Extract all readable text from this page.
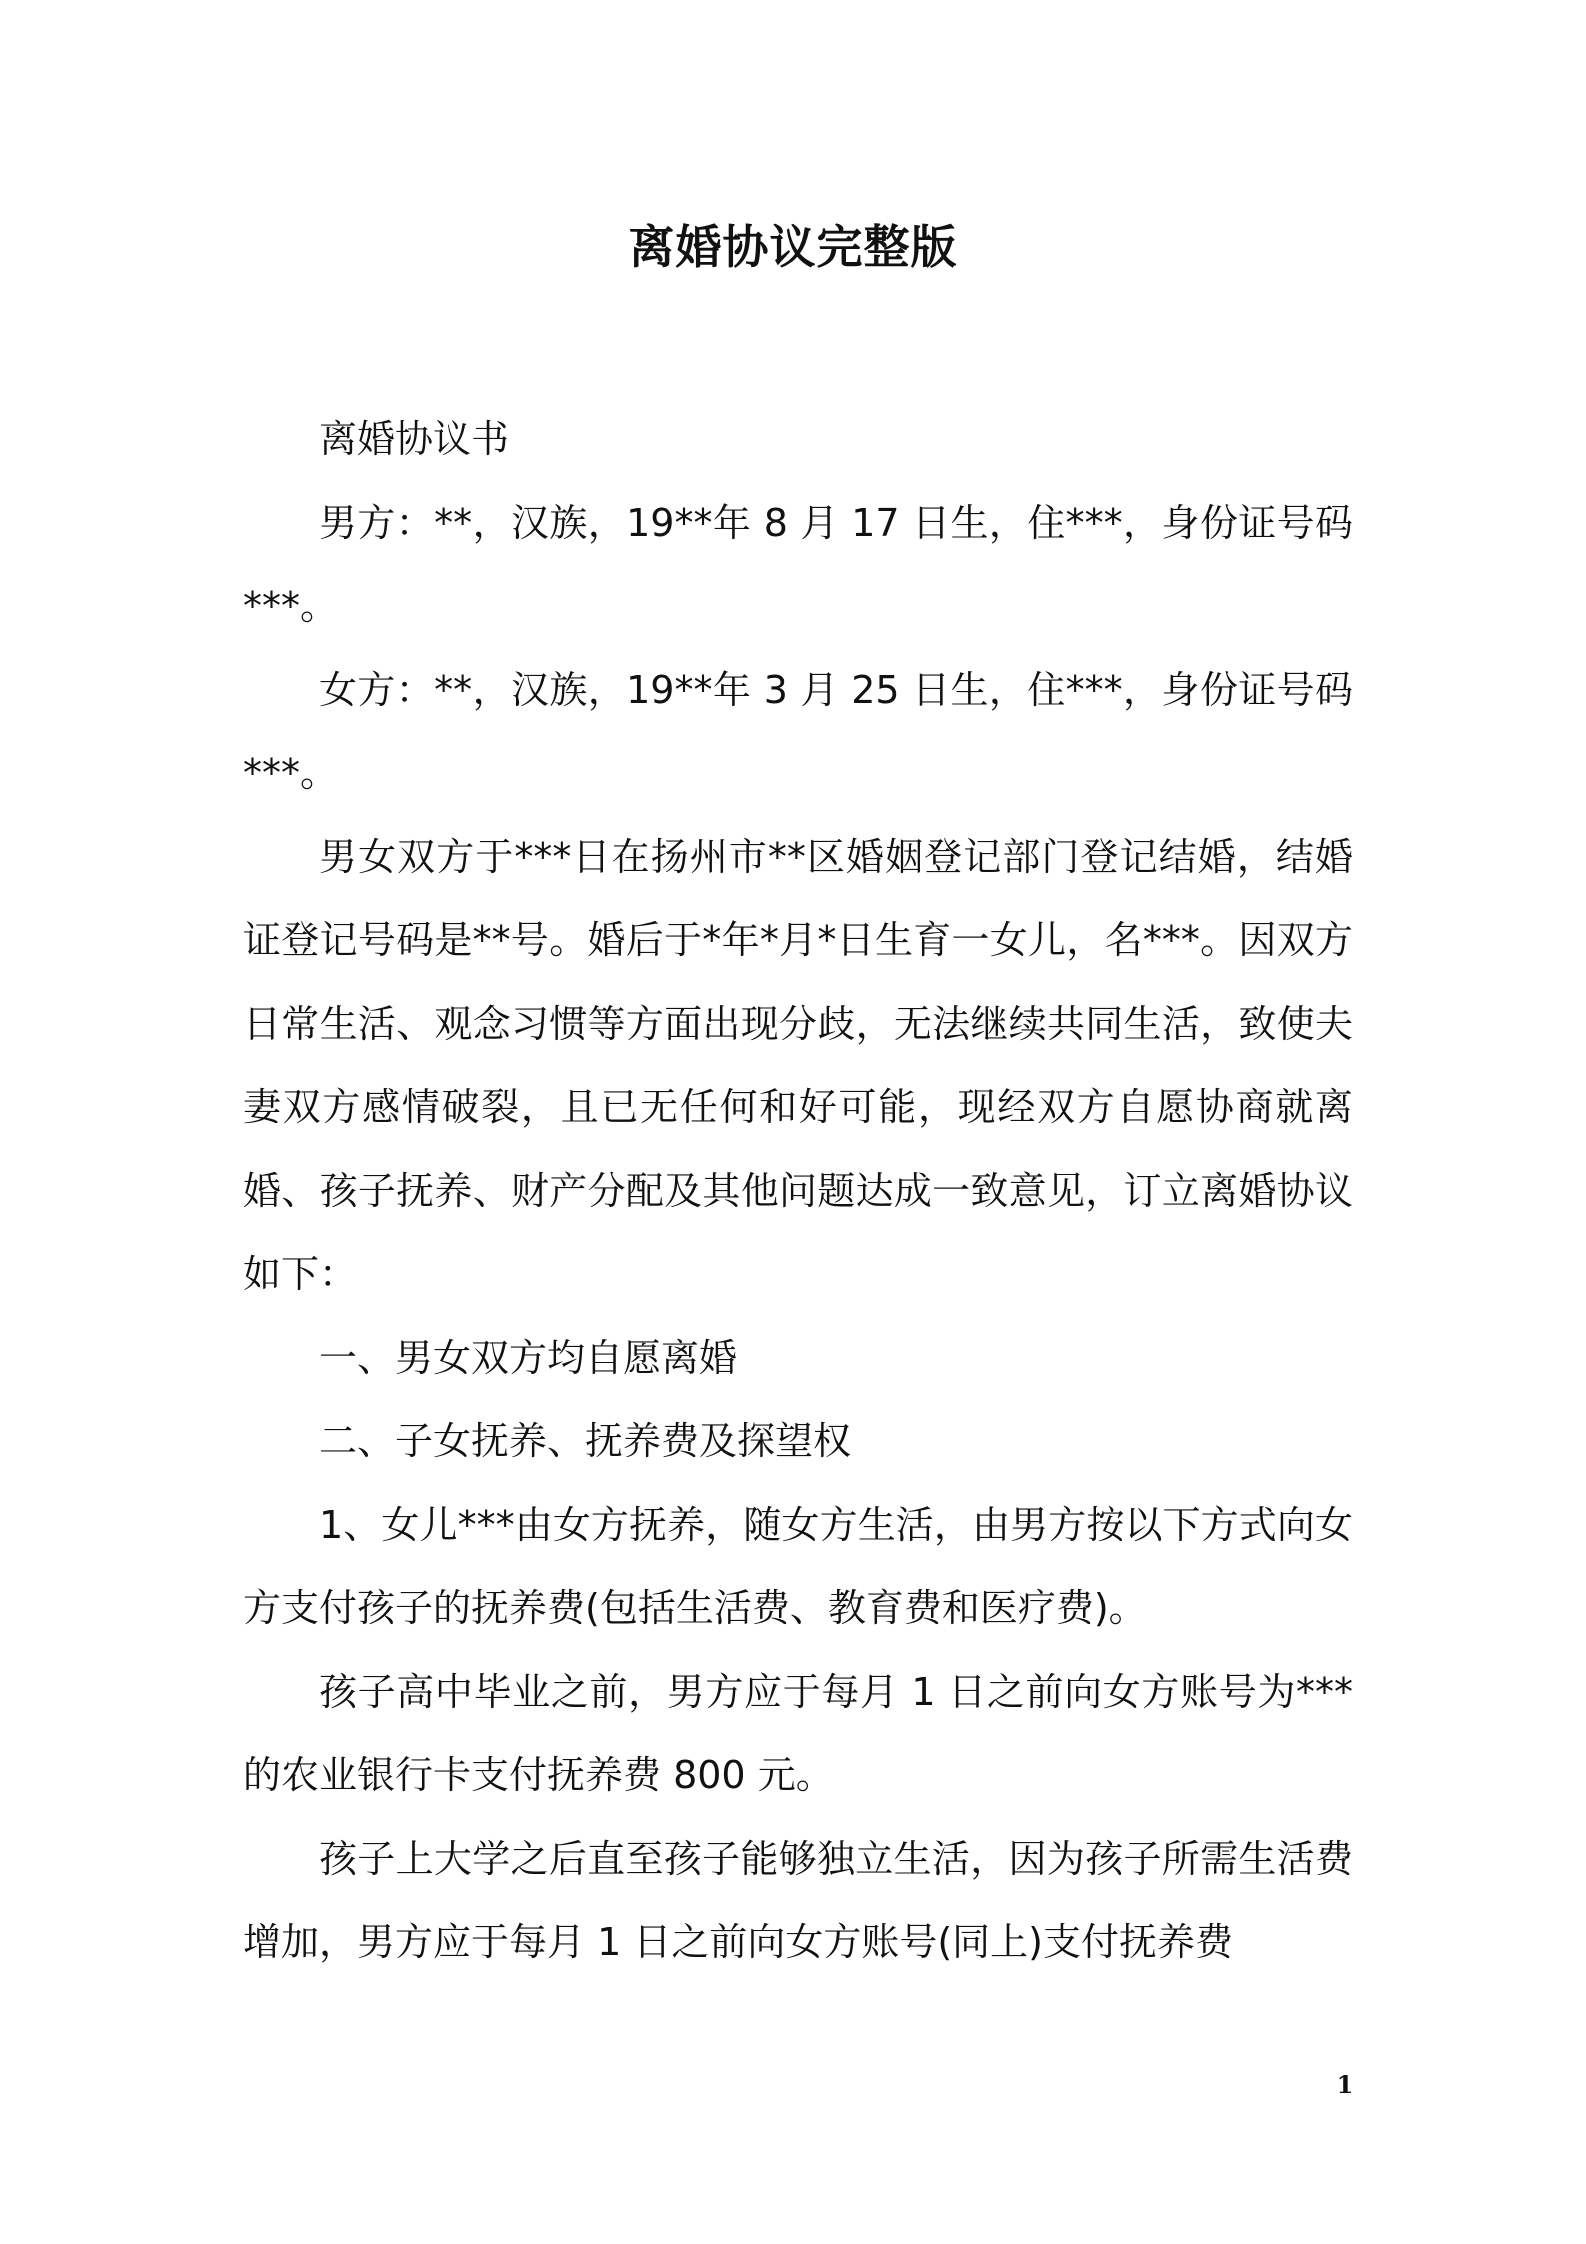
离婚协议完整版

离婚协议书

男方：**，汉族，19**年 8 月 17 日生，住***，身份证号码***。

女方：**，汉族，19**年 3 月 25 日生，住***，身份证号码***。

男女双方于***日在扬州市**区婚姻登记部门登记结婚，结婚证登记号码是**号。婚后于*年*月*日生育一女儿，名***。因双方日常生活、观念习惯等方面出现分歧，无法继续共同生活，致使夫妻双方感情破裂，且已无任何和好可能，现经双方自愿协商就离婚、孩子抚养、财产分配及其他问题达成一致意见，订立离婚协议如下：

一、男女双方均自愿离婚

二、子女抚养、抚养费及探望权

1、女儿***由女方抚养，随女方生活，由男方按以下方式向女方支付孩子的抚养费(包括生活费、教育费和医疗费)。

孩子高中毕业之前，男方应于每月 1 日之前向女方账号为***的农业银行卡支付抚养费 800 元。

孩子上大学之后直至孩子能够独立生活，因为孩子所需生活费增加，男方应于每月 1 日之前向女方账号(同上)支付抚养费

1
